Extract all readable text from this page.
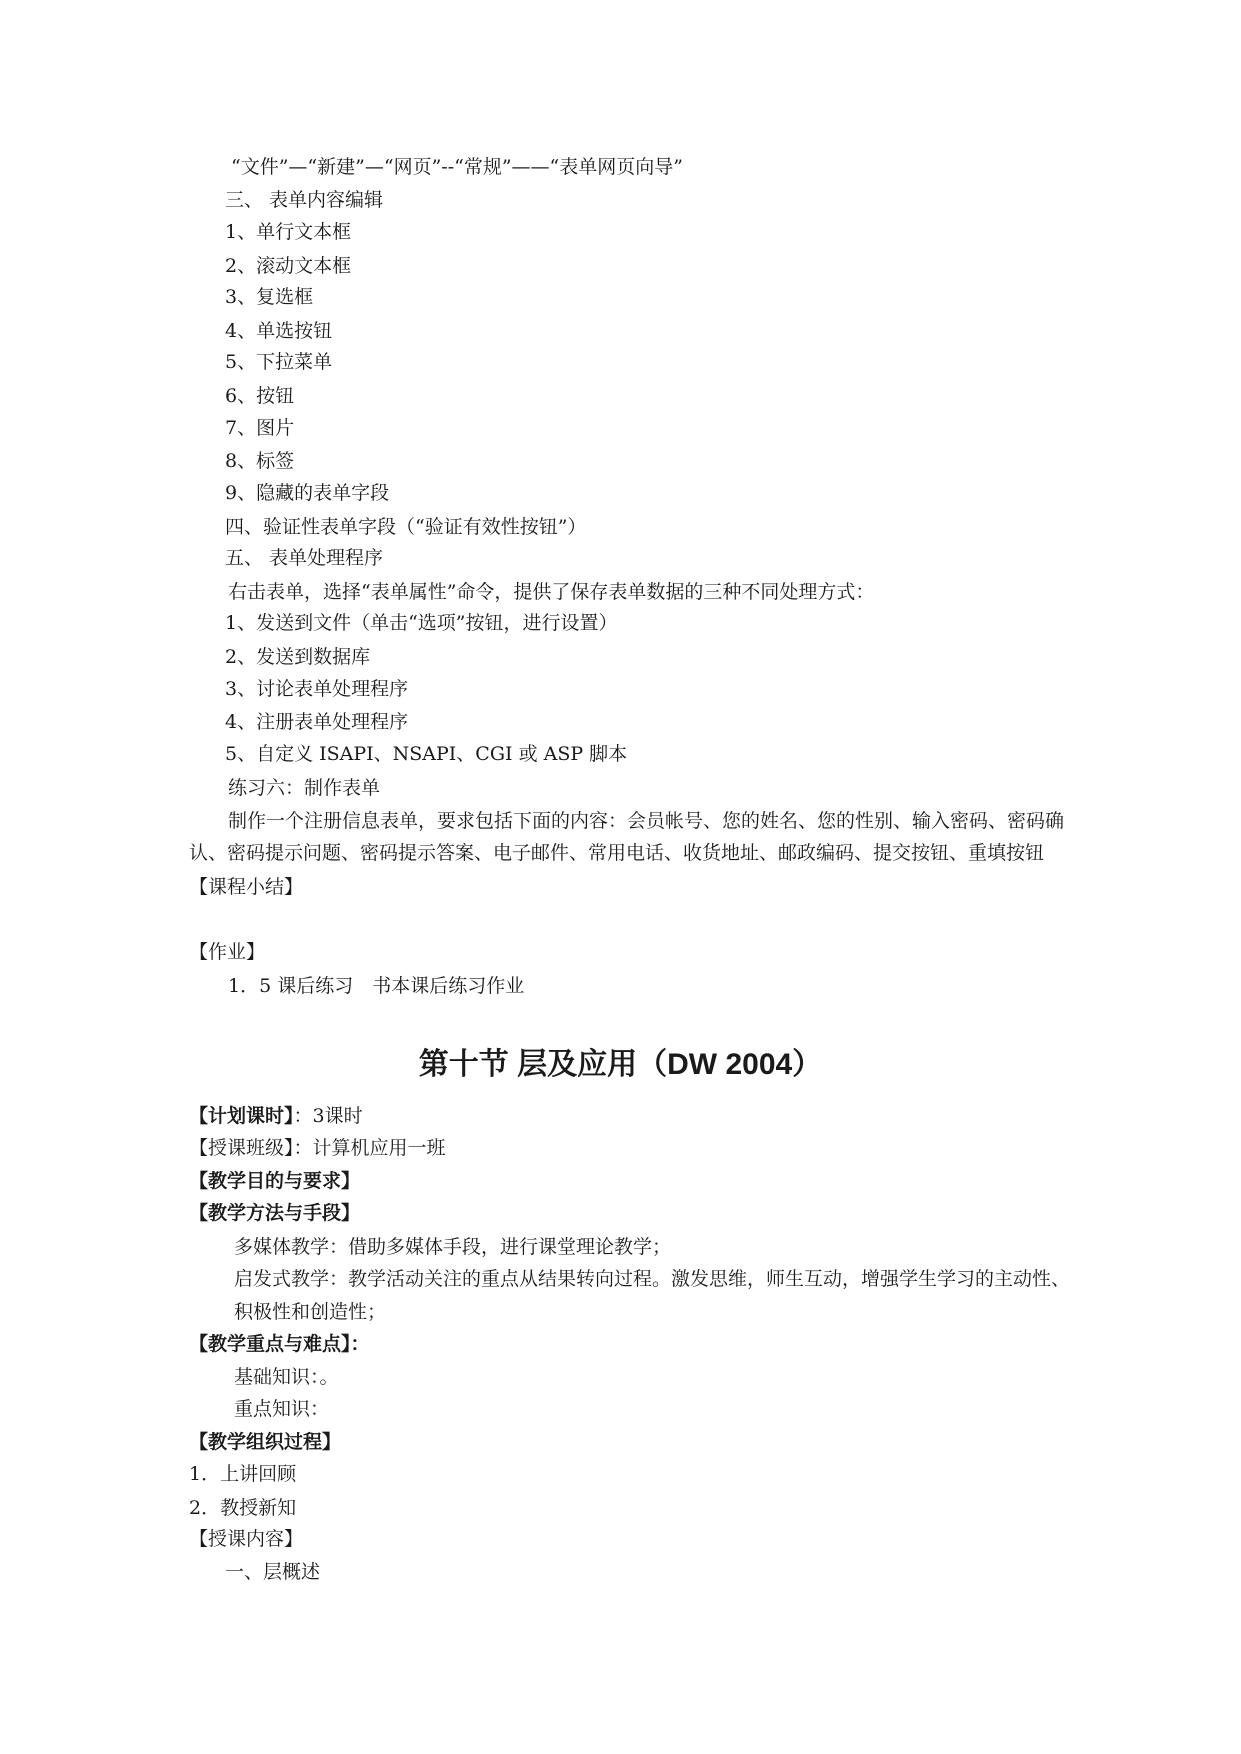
“文件”—“新建”—“网页”--“常规”——“表单网页向导”
三、 表单内容编辑
1、单行文本框
2、滚动文本框
3、复选框
4、单选按钮
5、下拉菜单
6、按钮
7、图片
8、标签
9、隐藏的表单字段
四、验证性表单字段（“验证有效性按钮”）
五、 表单处理程序
右击表单，选择“表单属性”命令，提供了保存表单数据的三种不同处理方式：
1、发送到文件（单击“选项”按钮，进行设置）
2、发送到数据库
3、讨论表单处理程序
4、注册表单处理程序
5、自定义 ISAPI、NSAPI、CGI 或 ASP 脚本
练习六：制作表单
制作一个注册信息表单，要求包括下面的内容：会员帐号、您的姓名、您的性别、输入密码、密码确
认、密码提示问题、密码提示答案、电子邮件、常用电话、收货地址、邮政编码、提交按钮、重填按钮
【课程小结】
【作业】
1．5 课后练习　书本课后练习作业
第十节 层及应用（DW 2004）
【计划课时】：3课时
【授课班级】：计算机应用一班
【教学目的与要求】
【教学方法与手段】
多媒体教学：借助多媒体手段，进行课堂理论教学；
启发式教学：教学活动关注的重点从结果转向过程。激发思维，师生互动，增强学生学习的主动性、
积极性和创造性；
【教学重点与难点】：
基础知识：。
重点知识：
【教学组织过程】
1．上讲回顾
2．教授新知
【授课内容】
一、层概述
